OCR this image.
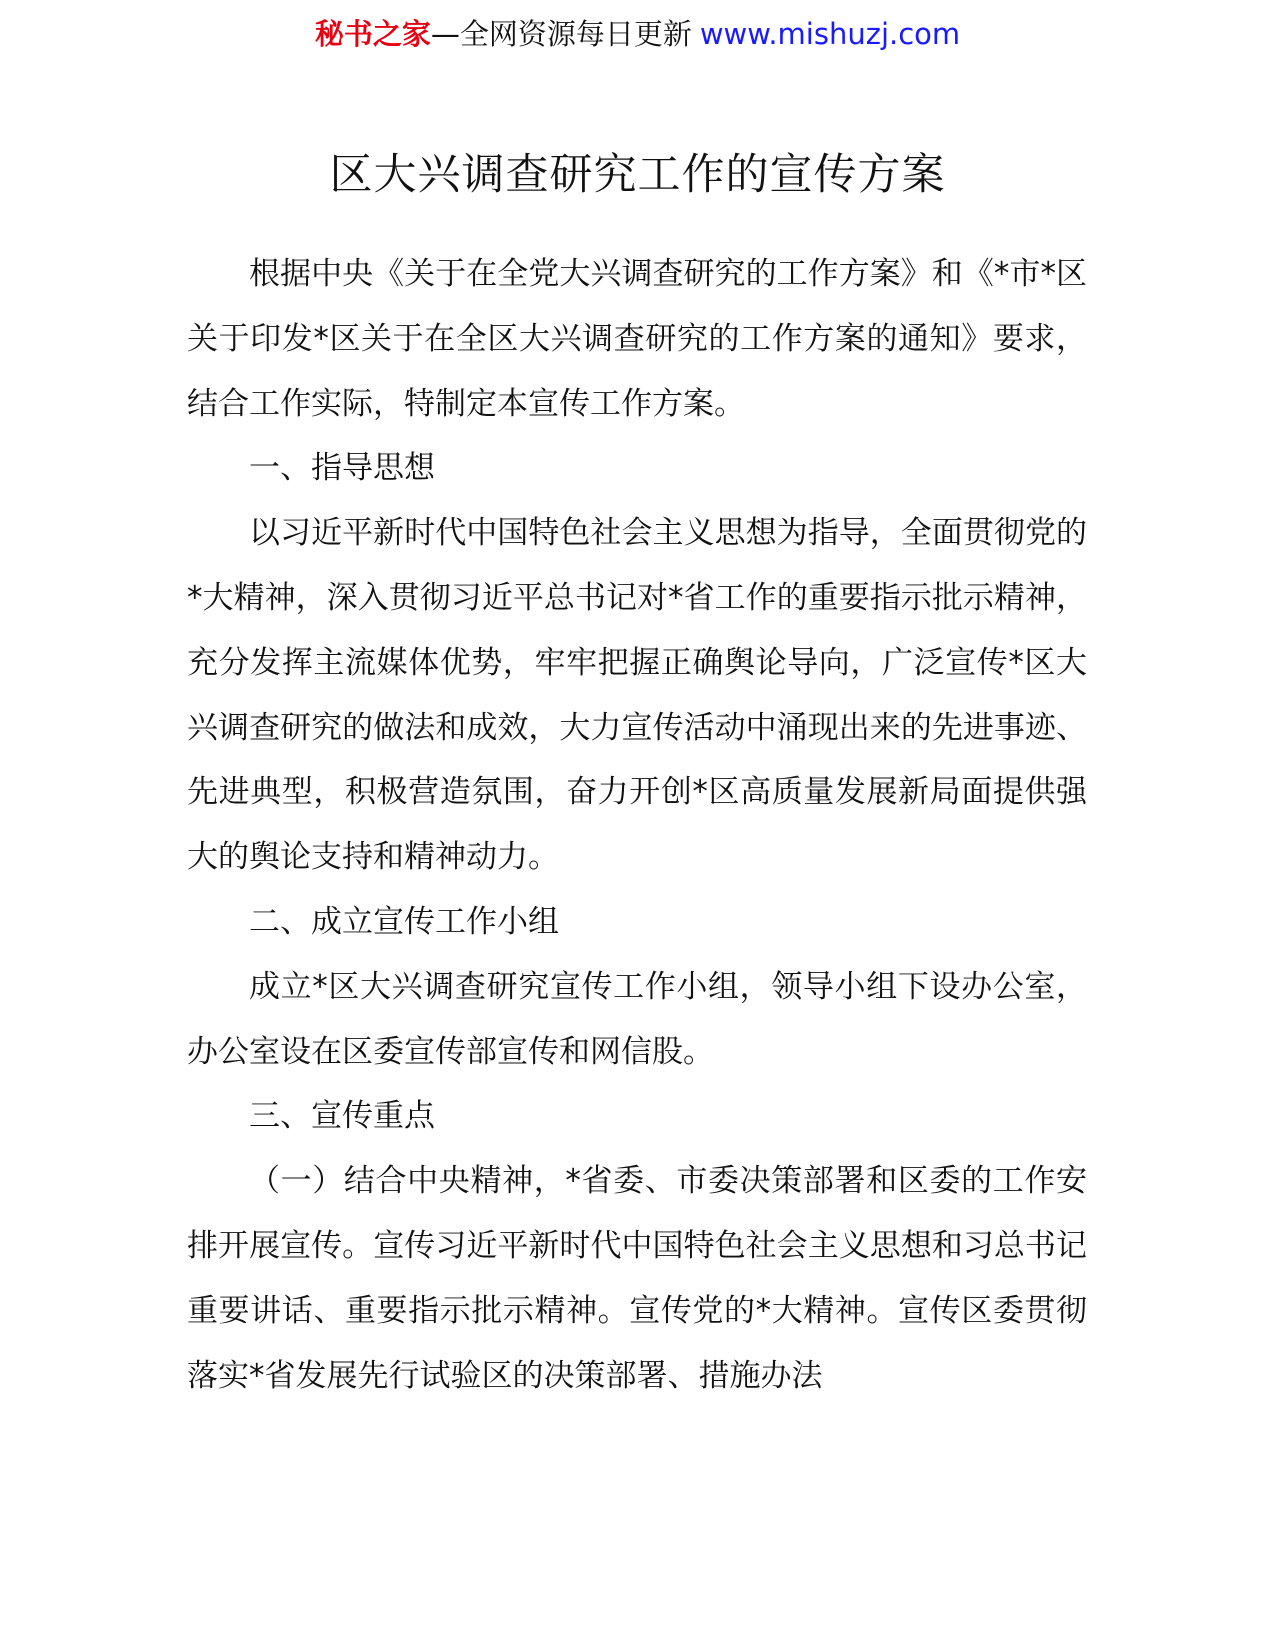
秘书之家—全网资源每日更新 www.mishuzj.com
区大兴调查研究工作的宣传方案

根据中央《关于在全党大兴调查研究的工作方案》和《*市*区关于印发*区关于在全区大兴调查研究的工作方案的通知》要求，结合工作实际，特制定本宣传工作方案。

一、指导思想

以习近平新时代中国特色社会主义思想为指导，全面贯彻党的*大精神，深入贯彻习近平总书记对*省工作的重要指示批示精神，充分发挥主流媒体优势，牢牢把握正确舆论导向，广泛宣传*区大兴调查研究的做法和成效，大力宣传活动中涌现出来的先进事迹、先进典型，积极营造氛围，奋力开创*区高质量发展新局面提供强大的舆论支持和精神动力。

二、成立宣传工作小组

成立*区大兴调查研究宣传工作小组，领导小组下设办公室，办公室设在区委宣传部宣传和网信股。

三、宣传重点

（一）结合中央精神，*省委、市委决策部署和区委的工作安排开展宣传。宣传习近平新时代中国特色社会主义思想和习总书记重要讲话、重要指示批示精神。宣传党的*大精神。宣传区委贯彻落实*省发展先行试验区的决策部署、措施办法
